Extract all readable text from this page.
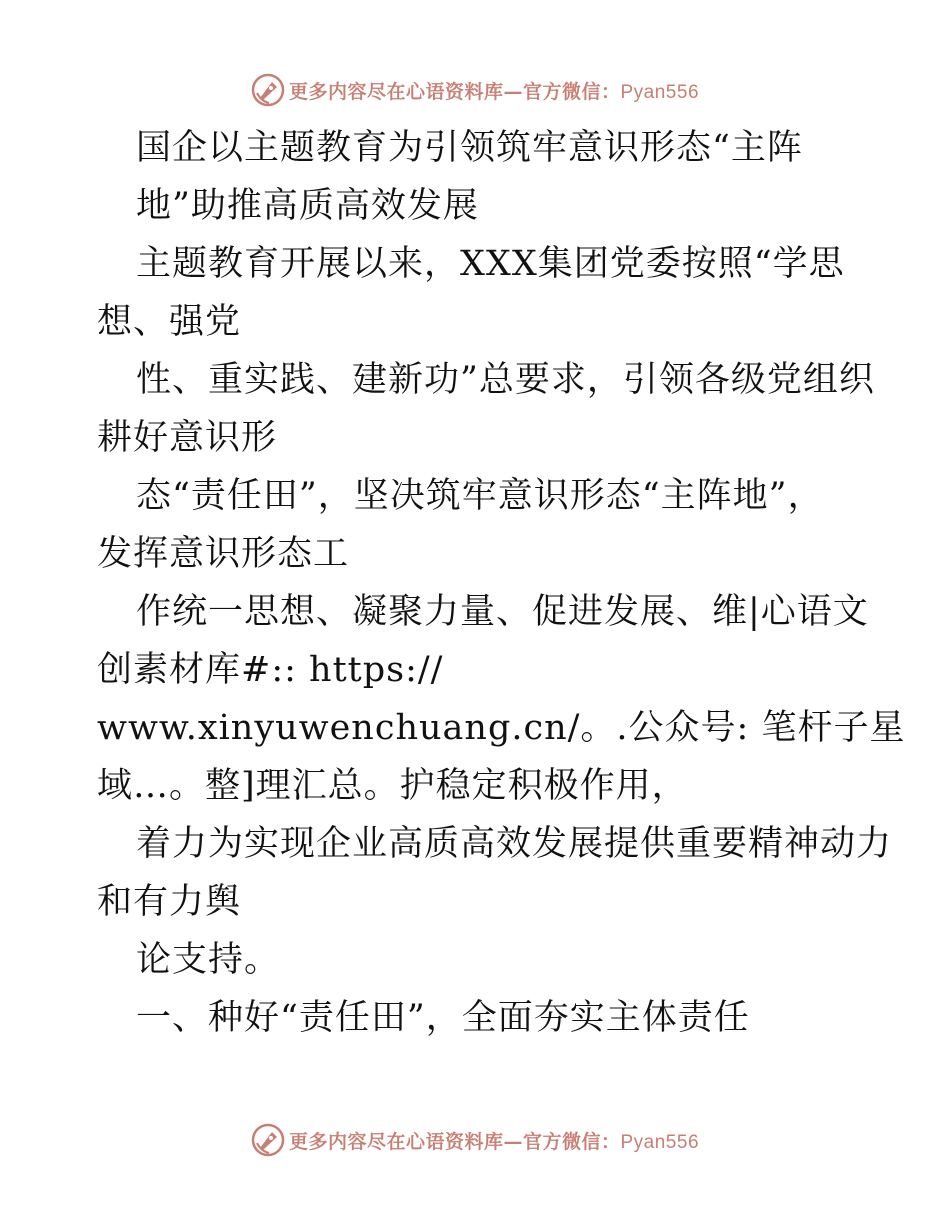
更多内容尽在心语资料库—官方微信：Pyan556
国企以主题教育为引领筑牢意识形态“主阵
地”助推高质高效发展
主题教育开展以来，XXX集团党委按照“学思
想、强党
性、重实践、建新功”总要求，引领各级党组织
耕好意识形
态“责任田”，坚决筑牢意识形态“主阵地”，
发挥意识形态工
作统一思想、凝聚力量、促进发展、维|心语文
创素材库#:: https://
www.xinyuwenchuang.cn/。.公众号: 笔杆子星
域…。整]理汇总。护稳定积极作用，
着力为实现企业高质高效发展提供重要精神动力
和有力舆
论支持。
一、种好“责任田”，全面夯实主体责任
更多内容尽在心语资料库—官方微信：Pyan556
